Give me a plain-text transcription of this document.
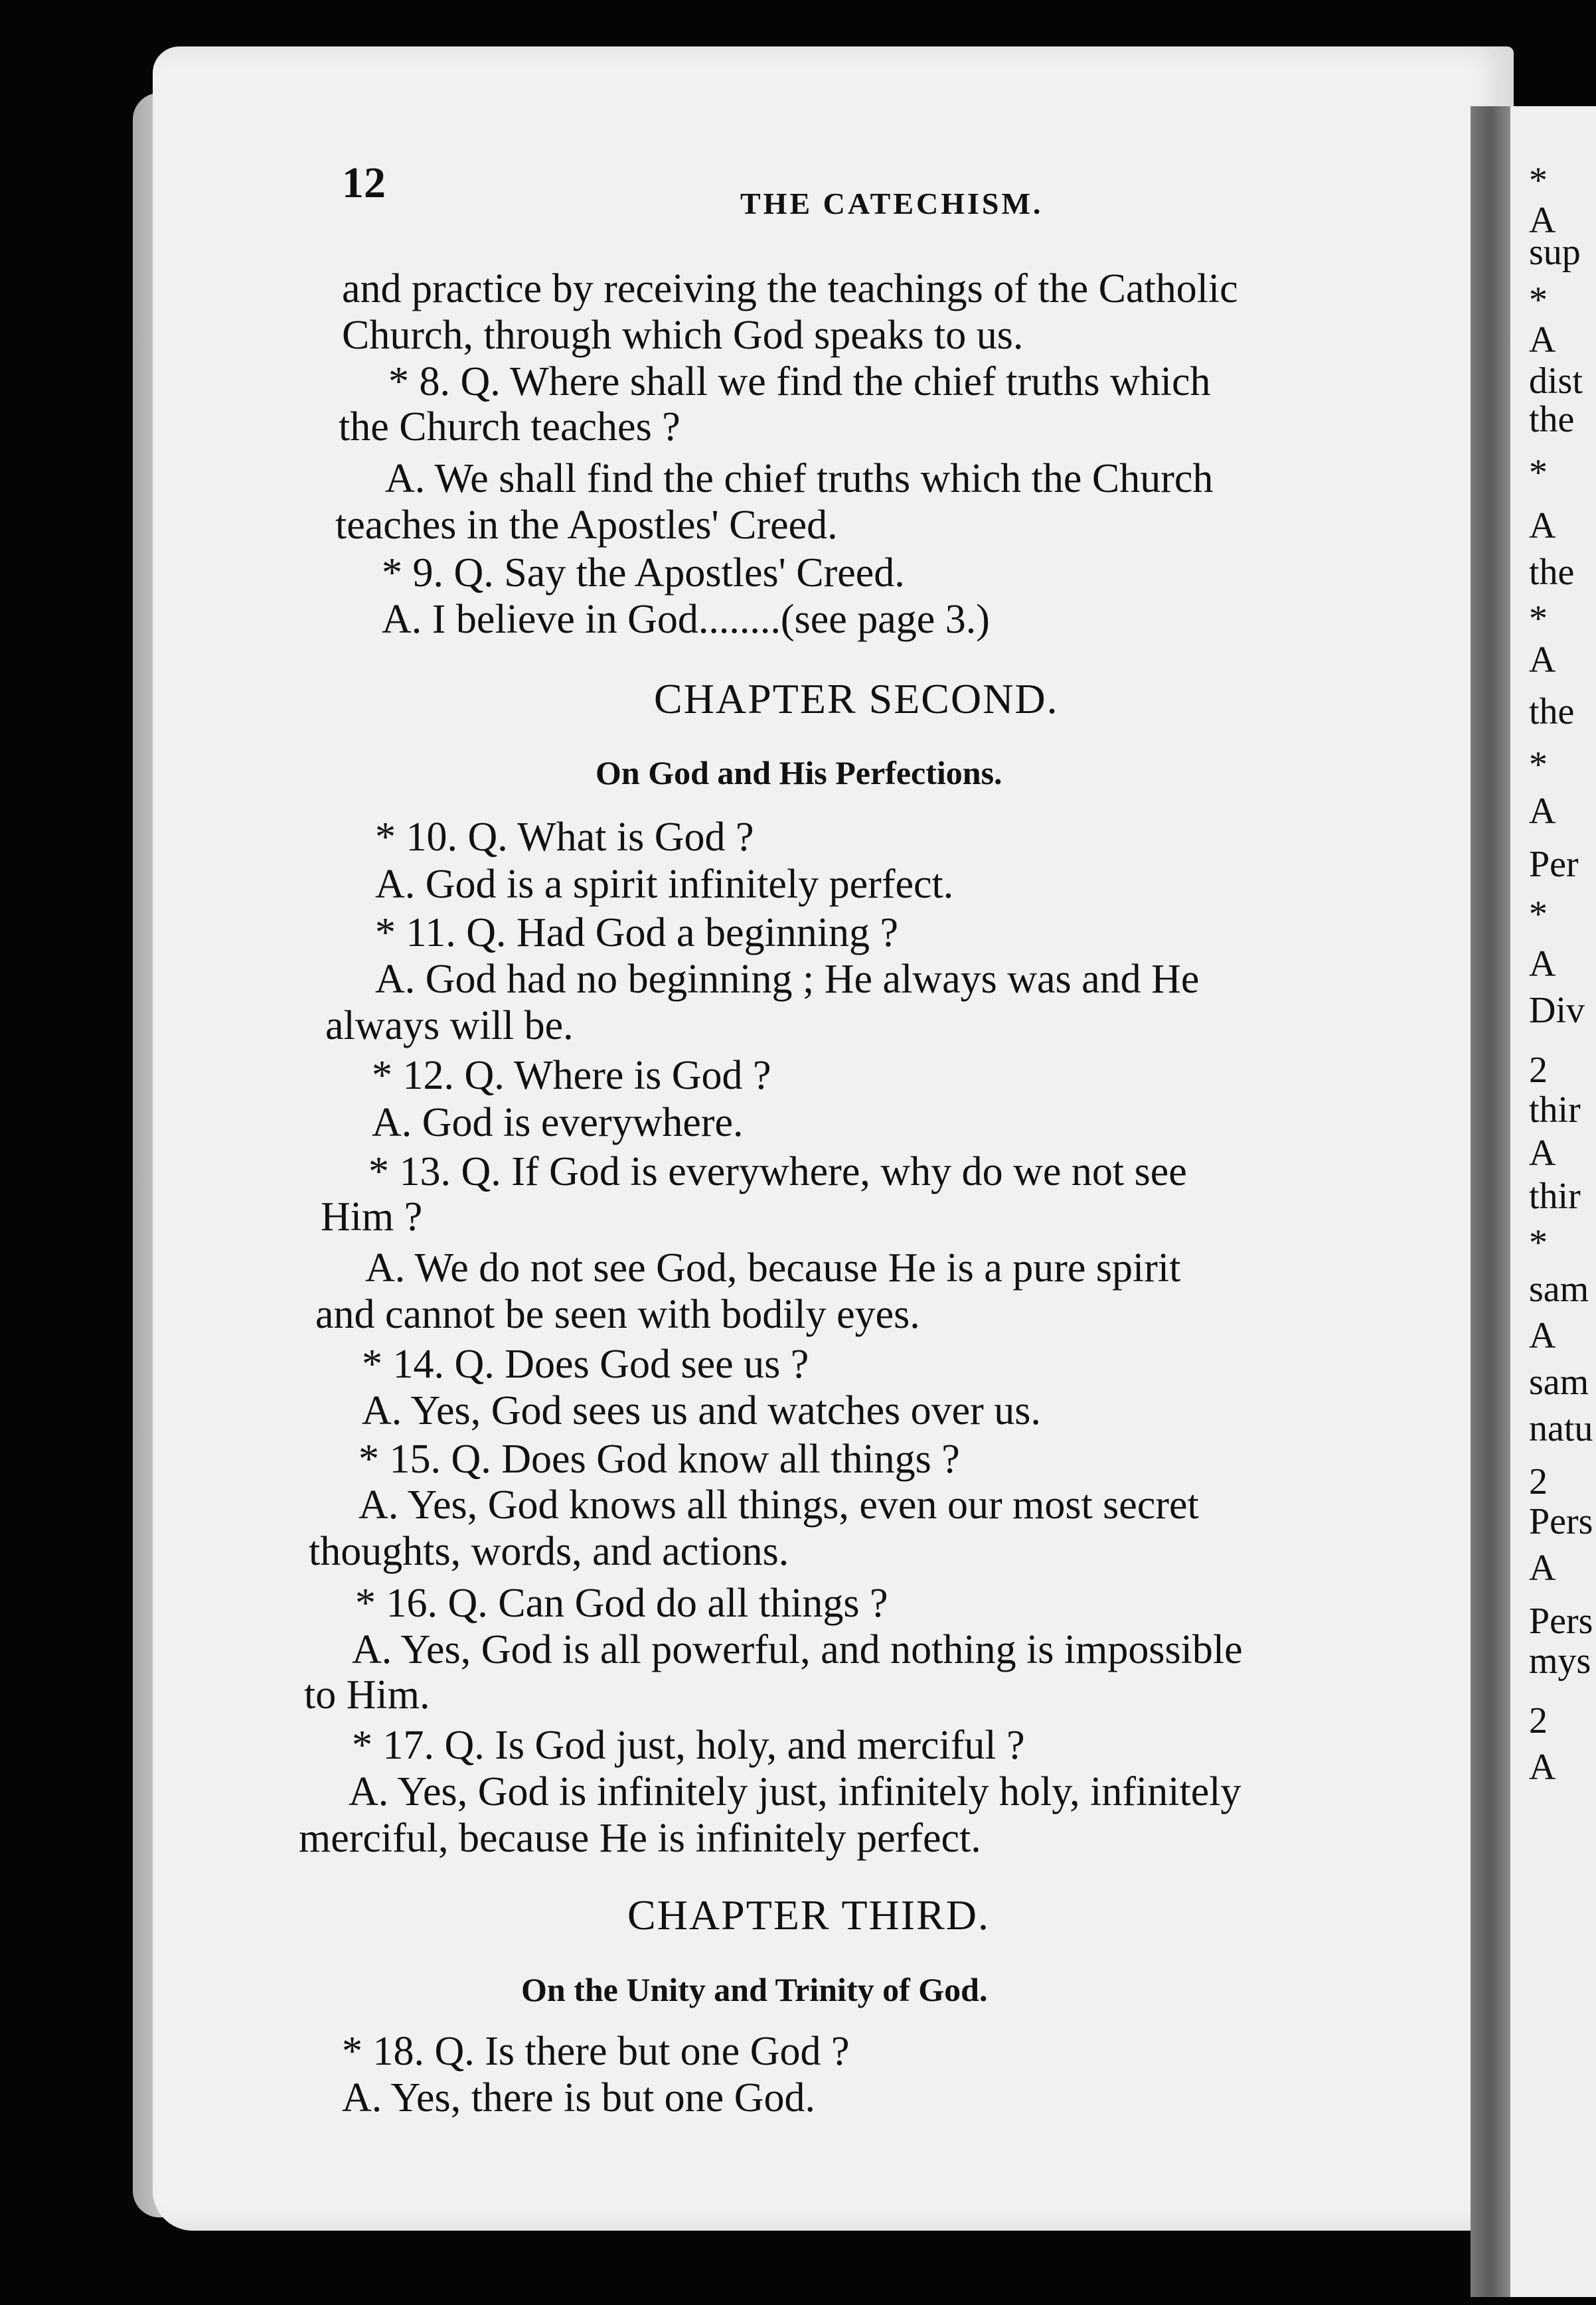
*
A
sup
*
A
dist
the
*
A
the
*
A
the
*
A
Per
*
A
Div
2
thir
A
thir
*
sam
A
sam
natu
2
Pers
A
Pers
mys
2
A
12	THE CATECHISM.
and practice by receiving the teachings of the Catholic
Church, through which God speaks to us.
* 8. Q. Where shall we find the chief truths which
the Church teaches ?
A. We shall find the chief truths which the Church
teaches in the Apostles' Creed.
* 9. Q. Say the Apostles' Creed.
A. I believe in God........(see page 3.)
CHAPTER SECOND.
On God and His Perfections.
* 10. Q. What is God ?
A. God is a spirit infinitely perfect.
* 11. Q. Had God a beginning ?
A. God had no beginning ; He always was and He
always will be.
* 12. Q. Where is God ?
A. God is everywhere.
* 13. Q. If God is everywhere, why do we not see
Him ?
A. We do not see God, because He is a pure spirit
and cannot be seen with bodily eyes.
* 14. Q. Does God see us ?
A. Yes, God sees us and watches over us.
* 15. Q. Does God know all things ?
A. Yes, God knows all things, even our most secret
thoughts, words, and actions.
* 16. Q. Can God do all things ?
A. Yes, God is all powerful, and nothing is impossible
to Him.
* 17. Q. Is God just, holy, and merciful ?
A. Yes, God is infinitely just, infinitely holy, infinitely
merciful, because He is infinitely perfect.
CHAPTER THIRD.
On the Unity and Trinity of God.
* 18. Q. Is there but one God ?
A. Yes, there is but one God.
